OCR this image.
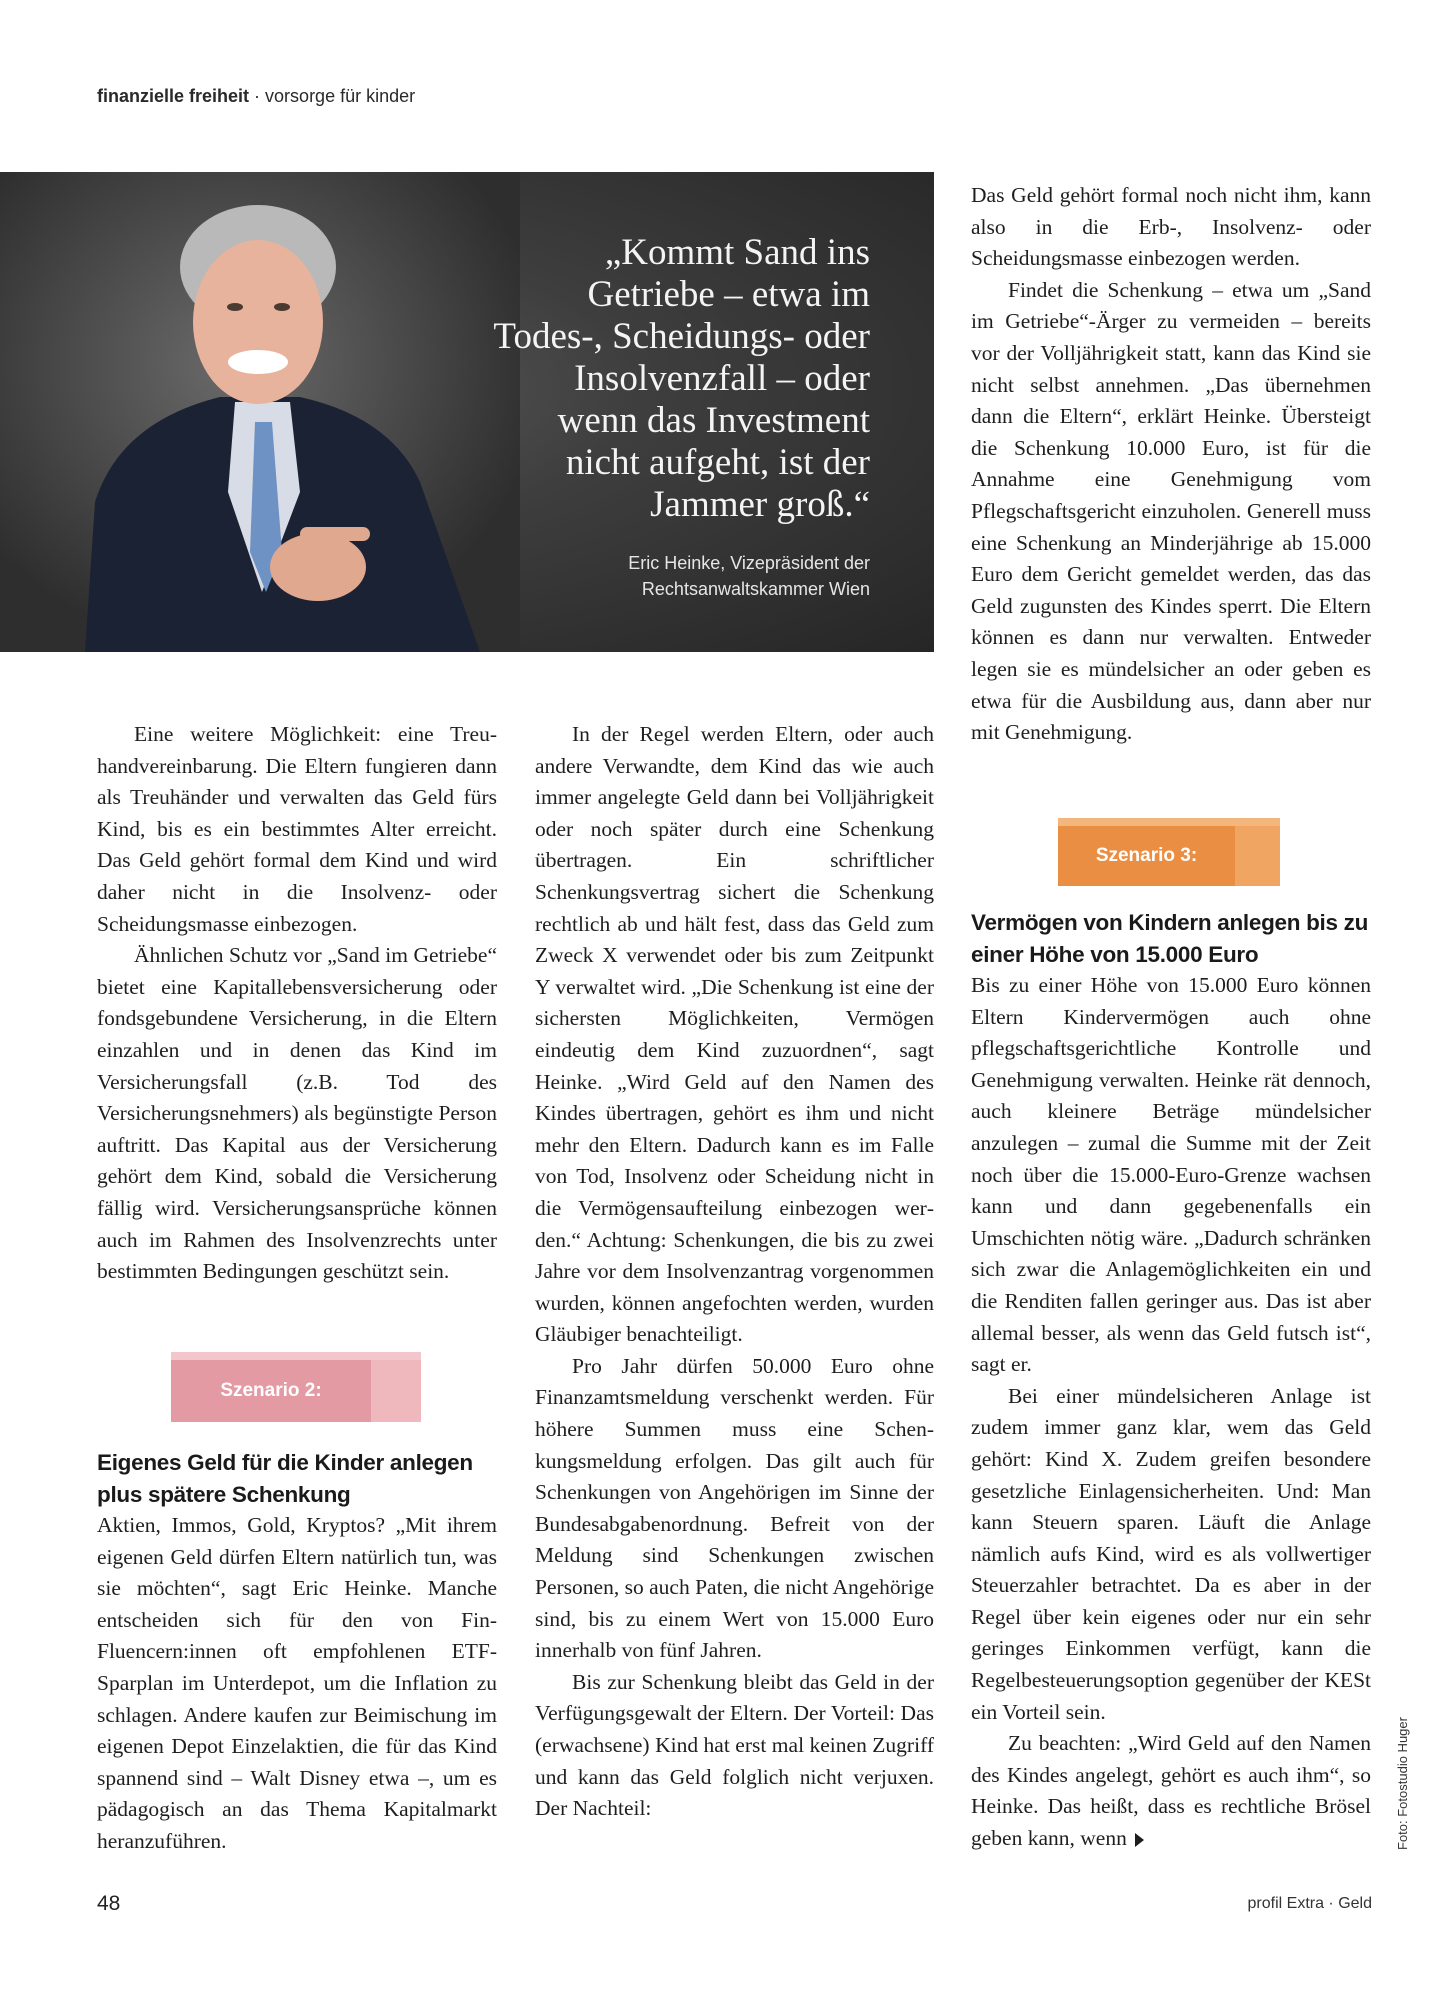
finanzielle freiheit · vorsorge für kinder
„Kommt Sand ins Getriebe – etwa im Todes-, Scheidungs- oder Insolvenzfall – oder wenn das Investment nicht aufgeht, ist der Jammer groß.“
Eric Heinke, Vizepräsident der
Rechtsanwaltskammer Wien

Eine weitere Möglichkeit: eine Treuhandvereinbarung. Die Eltern fungieren dann als Treuhänder und verwalten das Geld fürs Kind, bis es ein bestimmtes Alter erreicht. Das Geld gehört formal dem Kind und wird daher nicht in die Insolvenz- oder Scheidungsmasse einbezogen.

Ähnlichen Schutz vor „Sand im Getriebe“ bietet eine Kapitallebensversicherung oder fondsgebundene Versicherung, in die Eltern einzahlen und in denen das Kind im Versicherungsfall (z.B. Tod des Versicherungsnehmers) als begünstigte Person auftritt. Das Kapital aus der Versicherung gehört dem Kind, sobald die Versicherung fällig wird. Versicherungsansprüche können auch im Rahmen des Insolvenzrechts unter bestimmten Bedingungen geschützt sein.

Szenario 2:
Eigenes Geld für die Kinder anlegen plus spätere Schenkung

Aktien, Immos, Gold, Kryptos? „Mit ihrem eigenen Geld dürfen Eltern natürlich tun, was sie möchten“, sagt Eric Heinke. Manche entscheiden sich für den von FinFluencern:innen oft empfohlenen ETF-Sparplan im Unterdepot, um die Inflation zu schlagen. Andere kaufen zur Beimischung im eigenen Depot Einzelaktien, die für das Kind spannend sind – Walt Disney etwa –, um es pädagogisch an das Thema Kapitalmarkt heranzuführen.

In der Regel werden Eltern, oder auch andere Verwandte, dem Kind das wie auch immer angelegte Geld dann bei Volljährigkeit oder noch später durch eine Schenkung übertragen. Ein schriftlicher Schenkungsvertrag sichert die Schenkung rechtlich ab und hält fest, dass das Geld zum Zweck X verwendet oder bis zum Zeitpunkt Y verwaltet wird. „Die Schenkung ist eine der sichersten Möglichkeiten, Vermögen eindeutig dem Kind zuzuordnen“, sagt Heinke. „Wird Geld auf den Namen des Kindes übertragen, gehört es ihm und nicht mehr den Eltern. Dadurch kann es im Falle von Tod, Insolvenz oder Scheidung nicht in die Vermögensaufteilung einbezogen werden.“ Achtung: Schenkungen, die bis zu zwei Jahre vor dem Insolvenzantrag vorgenommen wurden, können angefochten werden, wurden Gläubiger benachteiligt.

Pro Jahr dürfen 50.000 Euro ohne Finanzamtsmeldung verschenkt werden. Für höhere Summen muss eine Schenkungsmeldung erfolgen. Das gilt auch für Schenkungen von Angehörigen im Sinne der Bundesabgabenordnung. Befreit von der Meldung sind Schenkungen zwischen Personen, so auch Paten, die nicht Angehörige sind, bis zu einem Wert von 15.000 Euro innerhalb von fünf Jahren.

Bis zur Schenkung bleibt das Geld in der Verfügungsgewalt der Eltern. Der Vorteil: Das (erwachsene) Kind hat erst mal keinen Zugriff und kann das Geld folglich nicht verjuxen. Der Nachteil:

Das Geld gehört formal noch nicht ihm, kann also in die Erb-, Insolvenz- oder Scheidungsmasse einbezogen werden.

Findet die Schenkung – etwa um „Sand im Getriebe“-Ärger zu vermeiden – bereits vor der Volljährigkeit statt, kann das Kind sie nicht selbst annehmen. „Das übernehmen dann die Eltern“, erklärt Heinke. Übersteigt die Schenkung 10.000 Euro, ist für die Annahme eine Genehmigung vom Pflegschaftsgericht einzuholen. Generell muss eine Schenkung an Minderjährige ab 15.000 Euro dem Gericht gemeldet werden, das das Geld zugunsten des Kindes sperrt. Die Eltern können es dann nur verwalten. Entweder legen sie es mündelsicher an oder geben es etwa für die Ausbildung aus, dann aber nur mit Genehmigung.

Szenario 3:
Vermögen von Kindern anlegen bis zu einer Höhe von 15.000 Euro

Bis zu einer Höhe von 15.000 Euro können Eltern Kindervermögen auch ohne pflegschaftsgerichtliche Kontrolle und Genehmigung verwalten. Heinke rät dennoch, auch kleinere Beträge mündelsicher anzulegen – zumal die Summe mit der Zeit noch über die 15.000-Euro-Grenze wachsen kann und dann gegebenenfalls ein Umschichten nötig wäre. „Dadurch schränken sich zwar die Anlagemöglichkeiten ein und die Renditen fallen geringer aus. Das ist aber allemal besser, als wenn das Geld futsch ist“, sagt er.

Bei einer mündelsicheren Anlage ist zudem immer ganz klar, wem das Geld gehört: Kind X. Zudem greifen besondere gesetzliche Einlagensicherheiten. Und: Man kann Steuern sparen. Läuft die Anlage nämlich aufs Kind, wird es als vollwertiger Steuerzahler betrachtet. Da es aber in der Regel über kein eigenes oder nur ein sehr geringes Einkommen verfügt, kann die Regelbesteuerungsoption gegenüber der KESt ein Vorteil sein.

Zu beachten: „Wird Geld auf den Namen des Kindes angelegt, gehört es auch ihm“, so Heinke. Das heißt, dass es rechtliche Brösel geben kann, wenn	Foto: Fotostudio Huger
48	profil Extra · Geld
